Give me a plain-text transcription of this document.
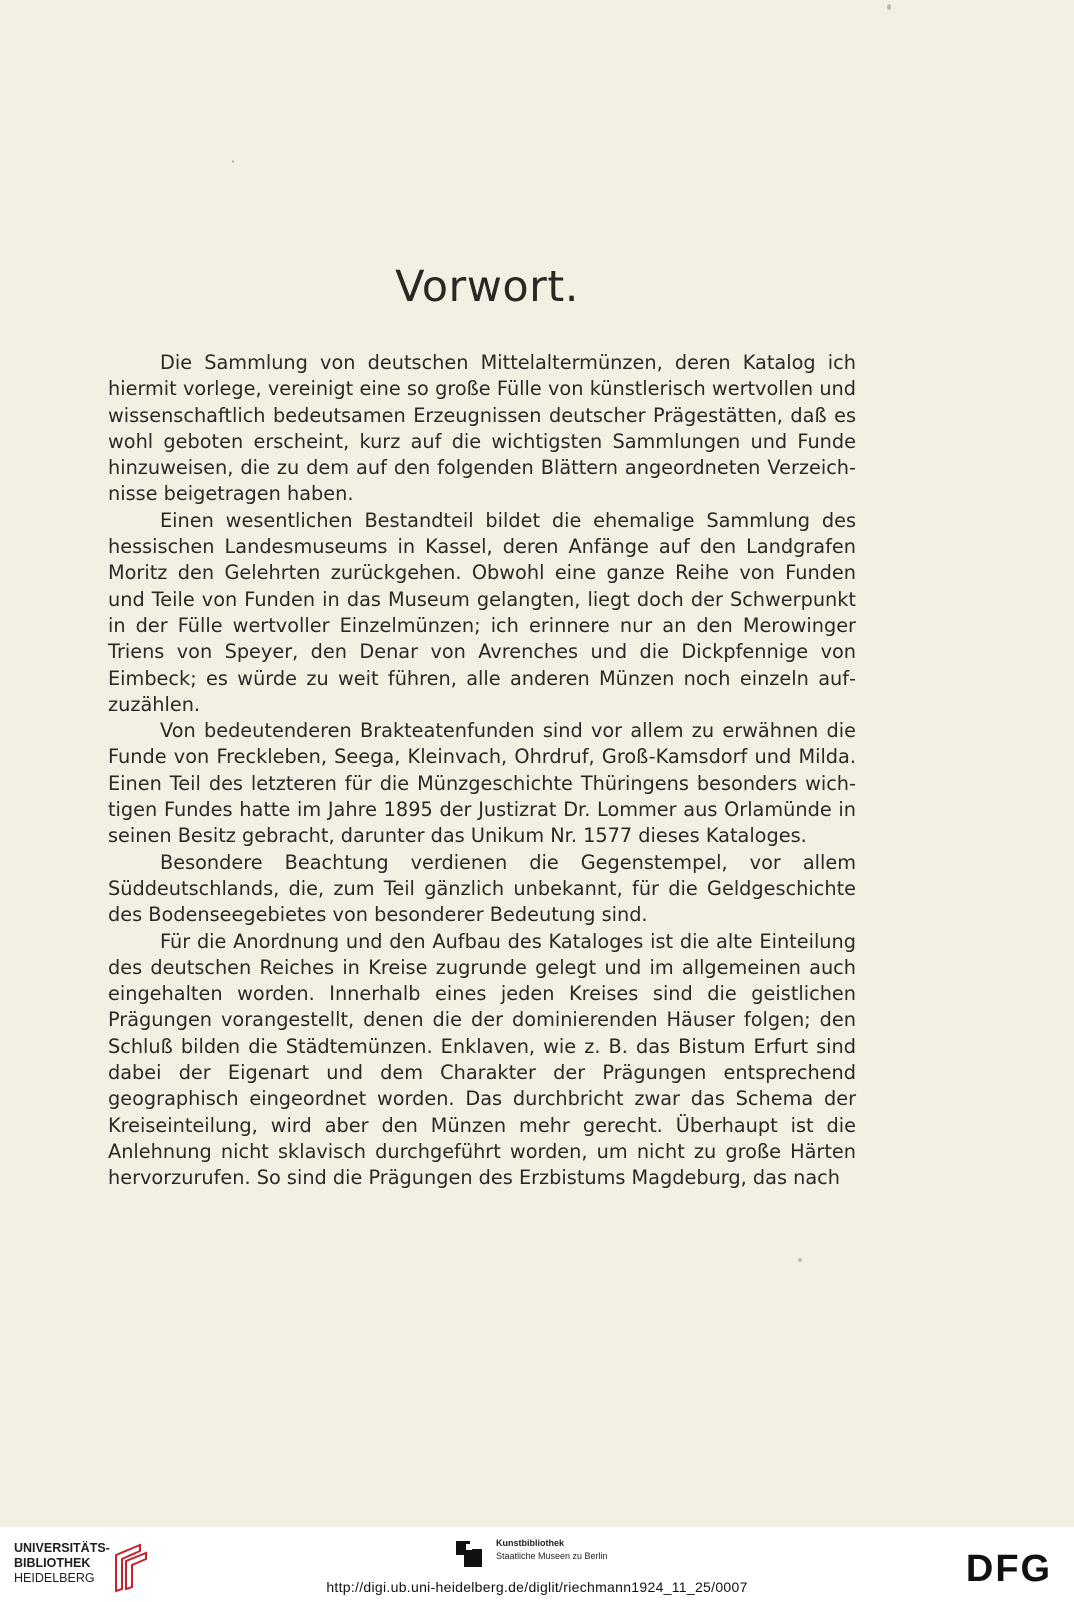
Vorwort.

Die Sammlung von deutschen Mittelaltermünzen, deren Katalog ich hiermit vorlege, vereinigt eine so große Fülle von künstlerisch wertvollen und wissenschaftlich bedeutsamen Erzeugnissen deutscher Prägestätten, daß es wohl geboten erscheint, kurz auf die wichtigsten Sammlungen und Funde hinzuweisen, die zu dem auf den folgenden Blättern angeordneten Verzeichnisse beigetragen haben.

Einen wesentlichen Bestandteil bildet die ehemalige Sammlung des hessischen Landesmuseums in Kassel, deren Anfänge auf den Landgrafen Moritz den Gelehrten zurückgehen. Obwohl eine ganze Reihe von Funden und Teile von Funden in das Museum gelangten, liegt doch der Schwerpunkt in der Fülle wertvoller Einzelmünzen; ich erinnere nur an den Merowinger Triens von Speyer, den Denar von Avrenches und die Dickpfennige von Eimbeck; es würde zu weit führen, alle anderen Münzen noch einzeln aufzuzählen.

Von bedeutenderen Brakteatenfunden sind vor allem zu erwähnen die Funde von Freckleben, Seega, Kleinvach, Ohrdruf, Groß-Kamsdorf und Milda. Einen Teil des letzteren für die Münzgeschichte Thüringens besonders wichtigen Fundes hatte im Jahre 1895 der Justizrat Dr. Lommer aus Orlamünde in seinen Besitz gebracht, darunter das Unikum Nr. 1577 dieses Kataloges.

Besondere Beachtung verdienen die Gegenstempel, vor allem Süddeutschlands, die, zum Teil gänzlich unbekannt, für die Geldgeschichte des Bodenseegebietes von besonderer Bedeutung sind.

Für die Anordnung und den Aufbau des Kataloges ist die alte Einteilung des deutschen Reiches in Kreise zugrunde gelegt und im allgemeinen auch eingehalten worden. Innerhalb eines jeden Kreises sind die geistlichen Prägungen vorangestellt, denen die der dominierenden Häuser folgen; den Schluß bilden die Städtemünzen. Enklaven, wie z. B. das Bistum Erfurt sind dabei der Eigenart und dem Charakter der Prägungen entsprechend geographisch eingeordnet worden. Das durchbricht zwar das Schema der Kreiseinteilung, wird aber den Münzen mehr gerecht. Überhaupt ist die Anlehnung nicht sklavisch durchgeführt worden, um nicht zu große Härten hervorzurufen. So sind die Prägungen des Erzbistums Magdeburg, das nach

UNIVERSITÄTS-
BIBLIOTHEK
HEIDELBERG
Kunstbibliothek
Staatliche Museen zu Berlin	DFG
http://digi.ub.uni-heidelberg.de/diglit/riechmann1924_11_25/0007
